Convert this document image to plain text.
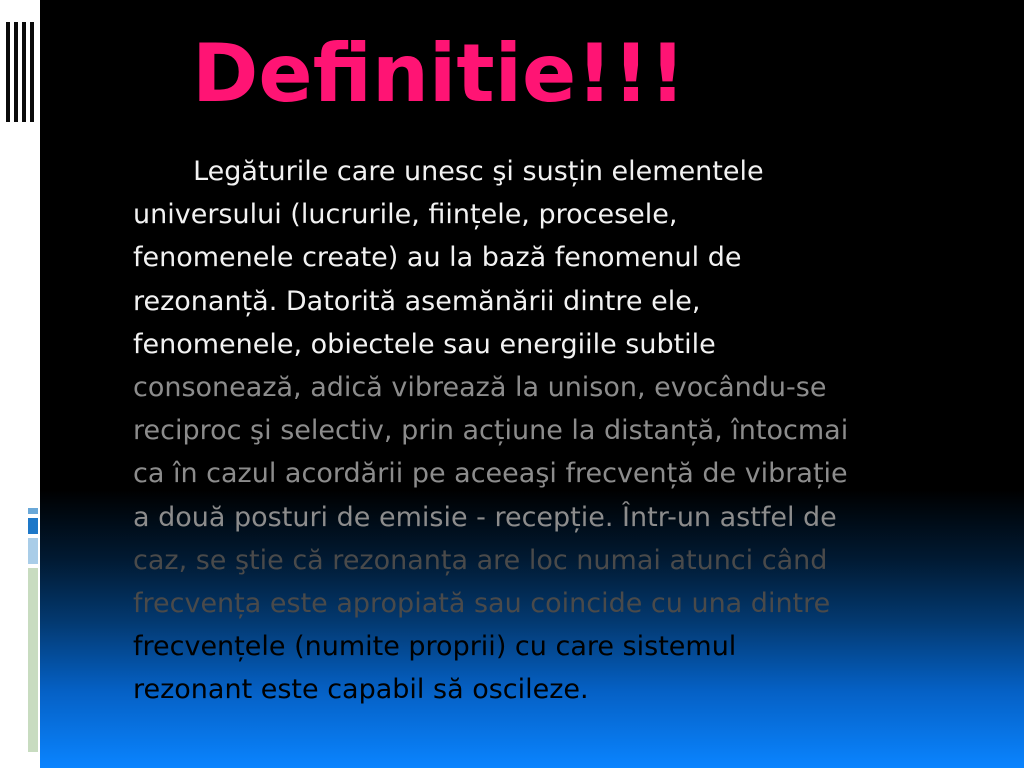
Definitie!!!

Legăturile care unesc şi susțin elementele
universului (lucrurile, ființele, procesele,
fenomenele create) au la bază fenomenul de
rezonanță. Datorită asemănării dintre ele,
fenomenele, obiectele sau energiile subtile
consonează, adică vibrează la unison, evocându-se
reciproc şi selectiv, prin acțiune la distanță, întocmai
ca în cazul acordării pe aceeaşi frecvență de vibrație
a două posturi de emisie - recepție. Într-un astfel de
caz, se ştie că rezonanța are loc numai atunci când
frecvența este apropiată sau coincide cu una dintre
frecvențele (numite proprii) cu care sistemul
rezonant este capabil să oscileze.
